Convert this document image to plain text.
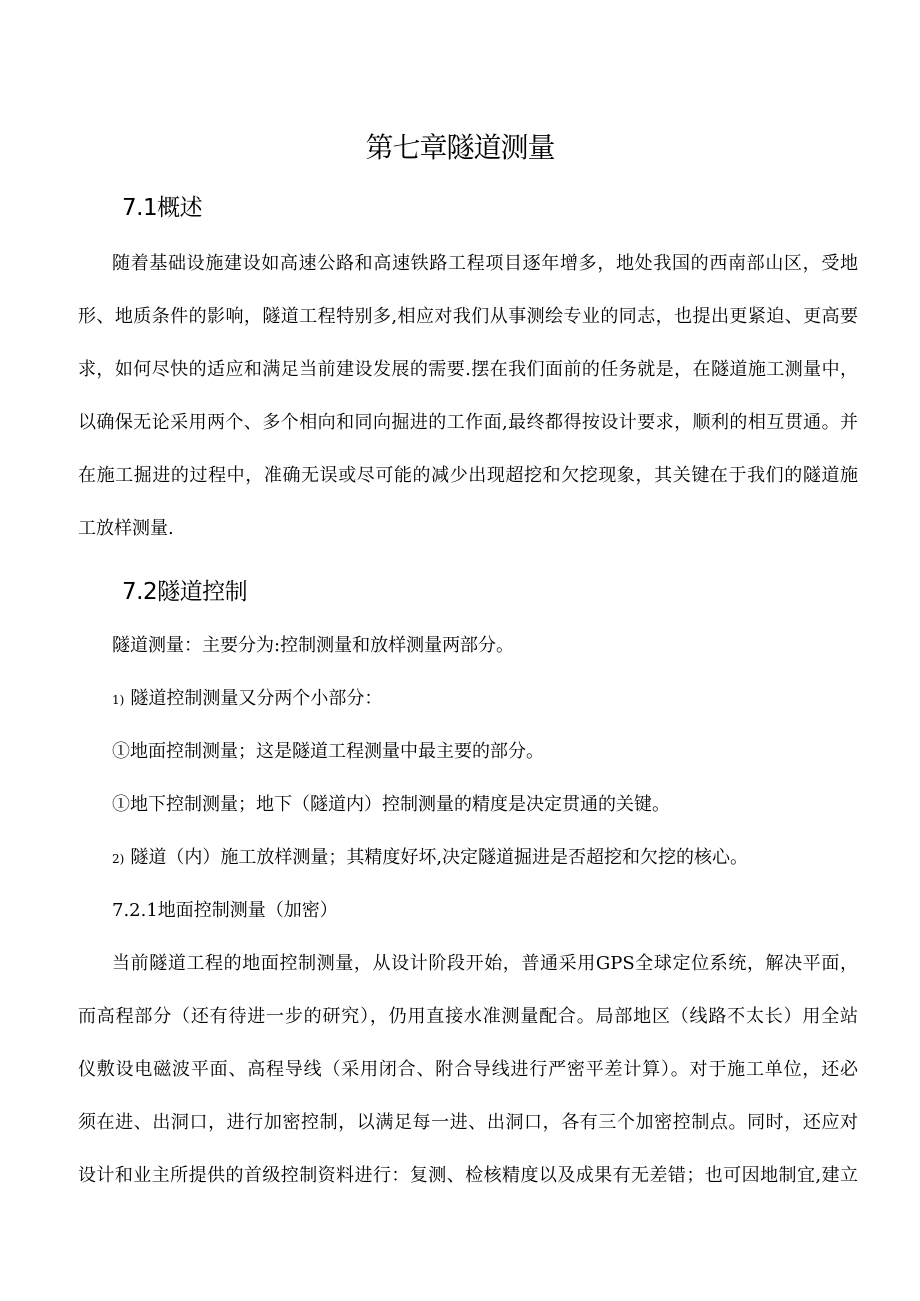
第七章隧道测量
7.1概述
随着基础设施建设如高速公路和高速铁路工程项目逐年增多，地处我国的西南部山区，受地
形、地质条件的影响，隧道工程特别多,相应对我们从事测绘专业的同志，也提出更紧迫、更高要
求，如何尽快的适应和满足当前建设发展的需要.摆在我们面前的任务就是，在隧道施工测量中，
以确保无论采用两个、多个相向和同向掘进的工作面,最终都得按设计要求，顺利的相互贯通。并
在施工掘进的过程中，准确无误或尽可能的减少出现超挖和欠挖现象，其关键在于我们的隧道施
工放样测量.
7.2隧道控制
隧道测量：主要分为:控制测量和放样测量两部分。
1) 隧道控制测量又分两个小部分：
①地面控制测量；这是隧道工程测量中最主要的部分。
①地下控制测量；地下（隧道内）控制测量的精度是决定贯通的关键。
2) 隧道（内）施工放样测量；其精度好坏,决定隧道掘进是否超挖和欠挖的核心。
7.2.1地面控制测量（加密）
当前隧道工程的地面控制测量，从设计阶段开始，普通采用GPS全球定位系统，解决平面，
而高程部分（还有待进一步的研究），仍用直接水准测量配合。局部地区（线路不太长）用全站
仪敷设电磁波平面、高程导线（采用闭合、附合导线进行严密平差计算）。对于施工单位，还必
须在进、出洞口，进行加密控制，以满足每一进、出洞口，各有三个加密控制点。同时，还应对
设计和业主所提供的首级控制资料进行：复测、检核精度以及成果有无差错；也可因地制宜,建立
